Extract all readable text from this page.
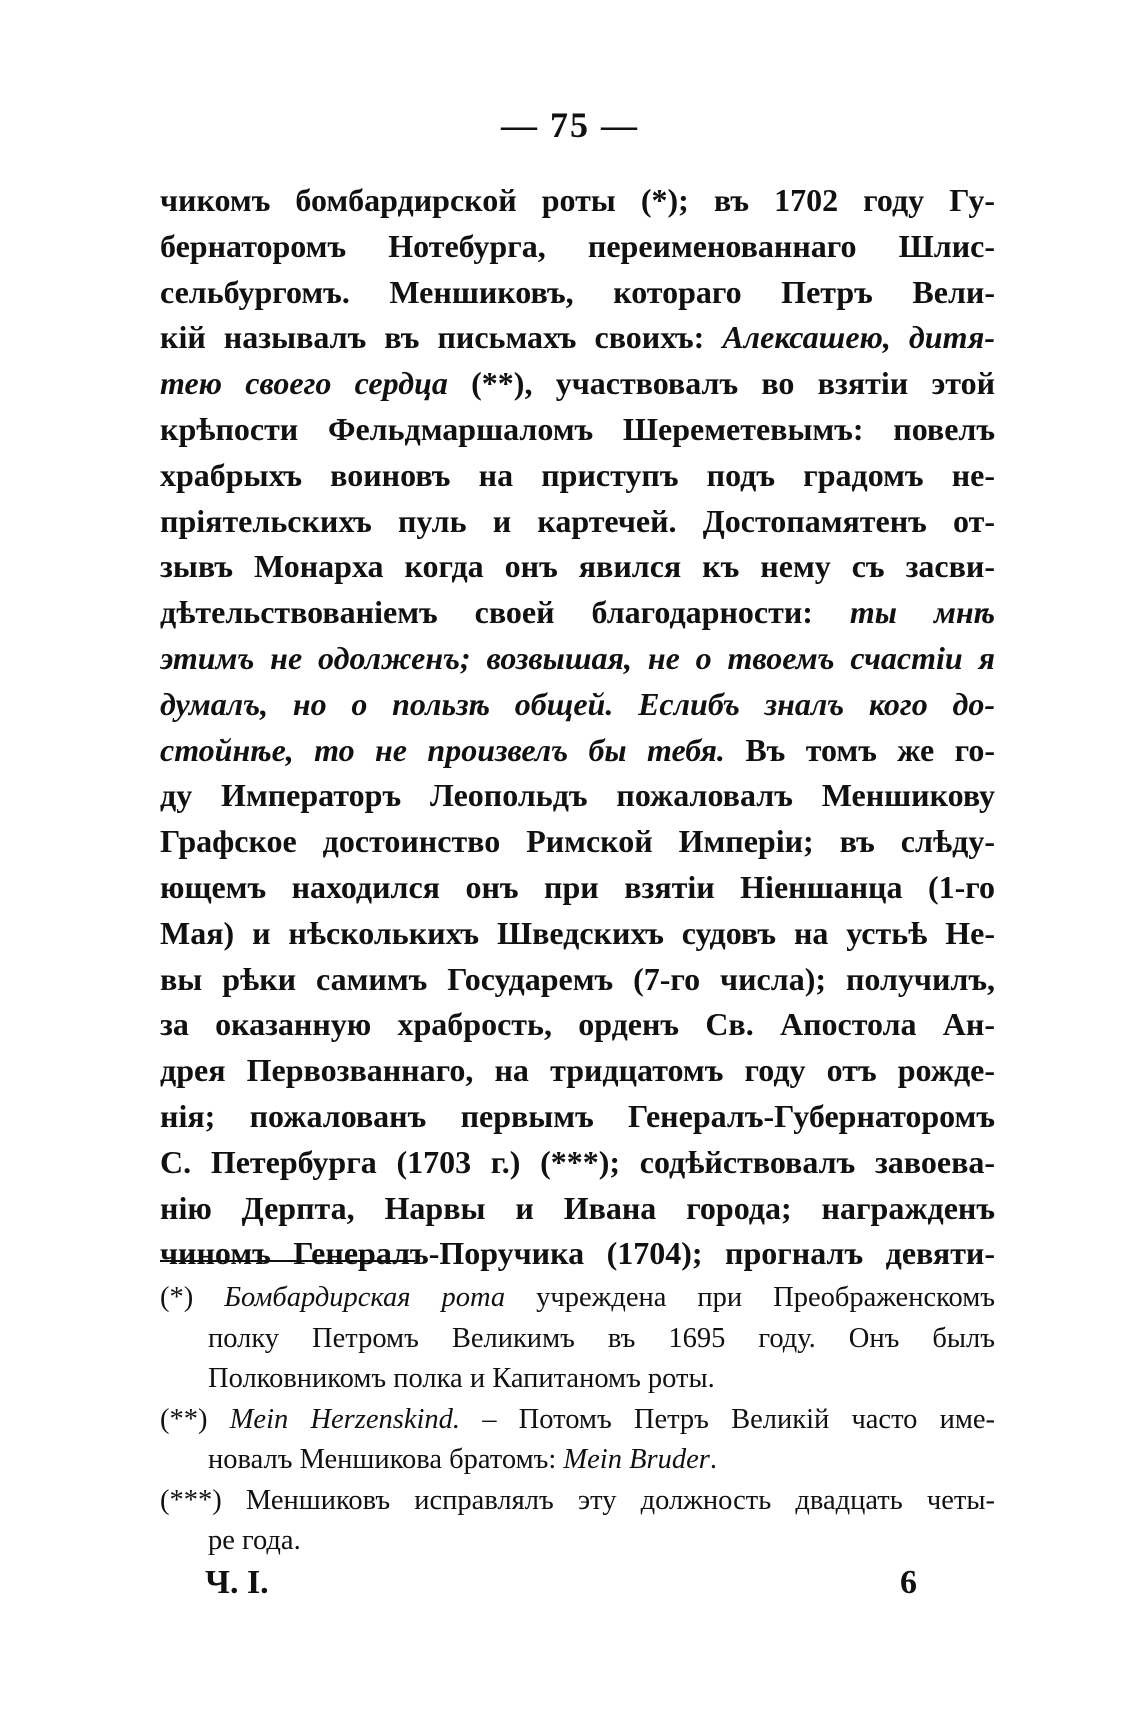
— 75 —
чикомъ бомбардирской роты (*); въ 1702 году Гу-
бернаторомъ Нотебурга, переименованнаго Шлис-
сельбургомъ. Меншиковъ, котораго Петръ Вели-
кій называлъ въ письмахъ своихъ: Алексашею, дитя-
тею своего сердца (**), участвовалъ во взятіи этой
крѣпости Фельдмаршаломъ Шереметевымъ: повелъ
храбрыхъ воиновъ на приступъ подъ градомъ не-
пріятельскихъ пуль и картечей. Достопамятенъ от-
зывъ Монарха когда онъ явился къ нему съ засви-
дѣтельствованіемъ своей благодарности: ты мнѣ
этимъ не одолженъ; возвышая, не о твоемъ счастіи я
думалъ, но о пользѣ общей. Еслибъ зналъ кого до-
стойнѣе, то не произвелъ бы тебя. Въ томъ же го-
ду Императоръ Леопольдъ пожаловалъ Меншикову
Графское достоинство Римской Имперіи; въ слѣду-
ющемъ находился онъ при взятіи Ніеншанца (1-го
Мая) и нѣсколькихъ Шведскихъ судовъ на устьѣ Не-
вы рѣки самимъ Государемъ (7-го числа); получилъ,
за оказанную храбрость, орденъ Св. Апостола Ан-
дрея Первозваннаго, на тридцатомъ году отъ рожде-
нія; пожалованъ первымъ Генералъ-Губернаторомъ
С. Петербурга (1703 г.) (***); содѣйствовалъ завоева-
нію Дерпта, Нарвы и Ивана города; награжденъ
чиномъ Генералъ-Поручика (1704); прогналъ девяти-
(*) Бомбардирская рота учреждена при Преображенскомъ
полку Петромъ Великимъ въ 1695 году. Онъ былъ
Полковникомъ полка и Капитаномъ роты.
(**) Mein Herzenskind. – Потомъ Петръ Великій часто име-
новалъ Меншикова братомъ: Mein Bruder.
(***) Меншиковъ исправлялъ эту должность двадцать четы-
ре года.
Ч. I.	6
